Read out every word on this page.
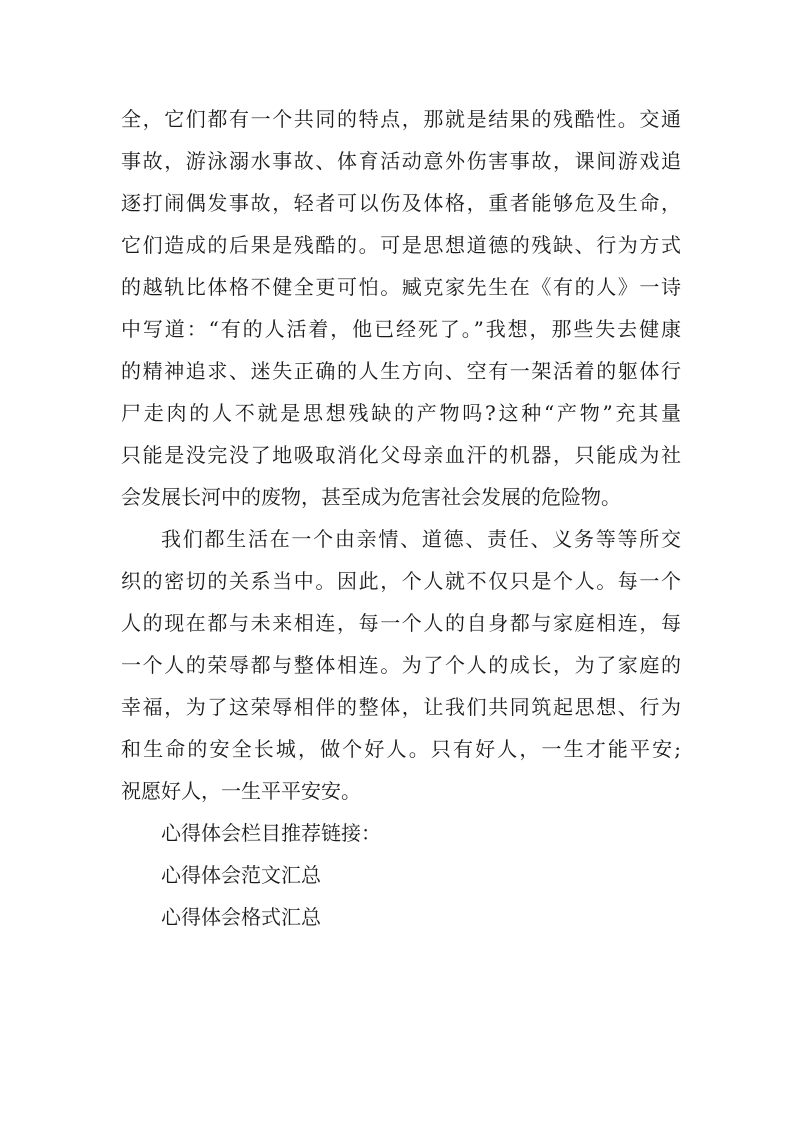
全，它们都有一个共同的特点，那就是结果的残酷性。交通
事故，游泳溺水事故、体育活动意外伤害事故，课间游戏追
逐打闹偶发事故，轻者可以伤及体格，重者能够危及生命，
它们造成的后果是残酷的。可是思想道德的残缺、行为方式
的越轨比体格不健全更可怕。臧克家先生在《有的人》一诗
中写道：“有的人活着，他已经死了。”我想，那些失去健康
的精神追求、迷失正确的人生方向、空有一架活着的躯体行
尸走肉的人不就是思想残缺的产物吗?这种“产物”充其量
只能是没完没了地吸取消化父母亲血汗的机器，只能成为社
会发展长河中的废物，甚至成为危害社会发展的危险物。
我们都生活在一个由亲情、道德、责任、义务等等所交
织的密切的关系当中。因此，个人就不仅只是个人。每一个
人的现在都与未来相连，每一个人的自身都与家庭相连，每
一个人的荣辱都与整体相连。为了个人的成长，为了家庭的
幸福，为了这荣辱相伴的整体，让我们共同筑起思想、行为
和生命的安全长城，做个好人。只有好人，一生才能平安;
祝愿好人，一生平平安安。
心得体会栏目推荐链接：
心得体会范文汇总
心得体会格式汇总
